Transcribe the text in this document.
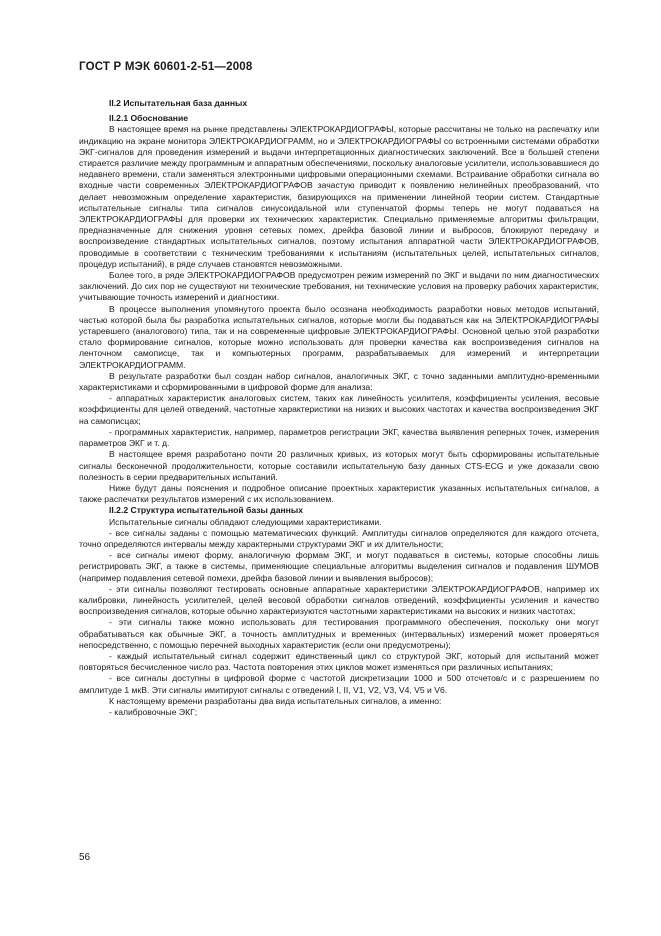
ГОСТ Р МЭК 60601-2-51—2008

II.2 Испытательная база данных

II.2.1 Обоснование

В настоящее время на рынке представлены ЭЛЕКТРОКАРДИОГРАФЫ, которые рассчитаны не только на распечатку или индикацию на экране монитора ЭЛЕКТРОКАРДИОГРАММ, но и ЭЛЕКТРОКАРДИОГРАФЫ со встроенными системами обработки ЭКГ-сигналов для проведения измерений и выдачи интерпретационных диагностических заключений. Все в большей степени стирается различие между программным и аппаратным обеспечениями, поскольку аналоговые усилители, использовавшиеся до недавнего времени, стали заменяться электронными цифровыми операционными схемами. Встраивание обработки сигнала во входные части современных ЭЛЕКТРОКАРДИОГРАФОВ зачастую приводит к появлению нелинейных преобразований, что делает невозможным определение характеристик, базирующихся на применении линейной теории систем. Стандартные испытательные сигналы типа сигналов синусоидальной или ступенчатой формы теперь не могут подаваться на ЭЛЕКТРОКАРДИОГРАФЫ для проверки их технических характеристик. Специально применяемые алгоритмы фильтрации, предназначенные для снижения уровня сетевых помех, дрейфа базовой линии и выбросов, блокируют передачу и воспроизведение стандартных испытательных сигналов, поэтому испытания аппаратной части ЭЛЕКТРОКАРДИОГРАФОВ, проводимые в соответствии с техническим требованиями к испытаниям (испытательных целей, испытательных сигналов, процедур испытаний), в ряде случаев становятся невозможными.

Более того, в ряде ЭЛЕКТРОКАРДИОГРАФОВ предусмотрен режим измерений по ЭКГ и выдачи по ним диагностических заключений. До сих пор не существуют ни технические требования, ни технические условия на проверку рабочих характеристик, учитывающие точность измерений и диагностики.

В процессе выполнения упомянутого проекта было осознана необходимость разработки новых методов испытаний, частью которой была бы разработка испытательных сигналов, которые могли бы подаваться как на ЭЛЕКТРОКАРДИОГРАФЫ устаревшего (аналогового) типа, так и на современные цифровые ЭЛЕКТРОКАРДИОГРАФЫ. Основной целью этой разработки стало формирование сигналов, которые можно использовать для проверки качества как воспроизведения сигналов на ленточном самописце, так и компьютерных программ, разрабатываемых для измерений и интерпретации ЭЛЕКТРОКАРДИОГРАММ.

В результате разработки был создан набор сигналов, аналогичных ЭКГ, с точно заданными амплитудно-временными характеристиками и сформированными в цифровой форме для анализа:

- аппаратных характеристик аналоговых систем, таких как линейность усилителя, коэффициенты усиления, весовые коэффициенты для целей отведений, частотные характеристики на низких и высоких частотах и качества воспроизведения ЭКГ на самописцах;

- программных характеристик, например, параметров регистрации ЭКГ, качества выявления реперных точек, измерения параметров ЭКГ и т. д.

В настоящее время разработано почти 20 различных кривых, из которых могут быть сформированы испытательные сигналы бесконечной продолжительности, которые составили испытательную базу данных CTS-ECG и уже доказали свою полезность в серии предварительных испытаний.

Ниже будут даны пояснения и подробное описание проектных характеристик указанных испытательных сигналов, а также распечатки результатов измерений с их использованием.

II.2.2 Структура испытательной базы данных

Испытательные сигналы обладают следующими характеристиками.

- все сигналы заданы с помощью математических функций. Амплитуды сигналов определяются для каждого отсчета, точно определяются интервалы между характерными структурами ЭКГ и их длительности;

- все сигналы имеют форму, аналогичную формам ЭКГ, и могут подаваться в системы, которые способны лишь регистрировать ЭКГ, а также в системы, применяющие специальные алгоритмы выделения сигналов и подавления ШУМОВ (например подавления сетевой помехи, дрейфа базовой линии и выявления выбросов);

- эти сигналы позволяют тестировать основные аппаратные характеристики ЭЛЕКТРОКАРДИОГРАФОВ, например их калибровки, линейность усилителей, целей весовой обработки сигналов отведений, коэффициенты усиления и качество воспроизведения сигналов, которые обычно характеризуются частотными характеристиками на высоких и низких частотах;

- эти сигналы также можно использовать для тестирования программного обеспечения, поскольку они могут обрабатываться как обычные ЭКГ, а точность амплитудных и временных (интервальных) измерений может проверяться непосредственно, с помощью перечней выходных характеристик (если они предусмотрены);

- каждый испытательный сигнал содержит единственный цикл со структурой ЭКГ, который для испытаний может повторяться бесчисленное число раз. Частота повторения этих циклов может изменяться при различных испытаниях;

- все сигналы доступны в цифровой форме с частотой дискретизации 1000 и 500 отсчетов/с и с разрешением по амплитуде 1 мкВ. Эти сигналы имитируют сигналы с отведений I, II, V1, V2, V3, V4, V5 и V6.

К настоящему времени разработаны два вида испытательных сигналов, а именно:

- калибровочные ЭКГ;

56
